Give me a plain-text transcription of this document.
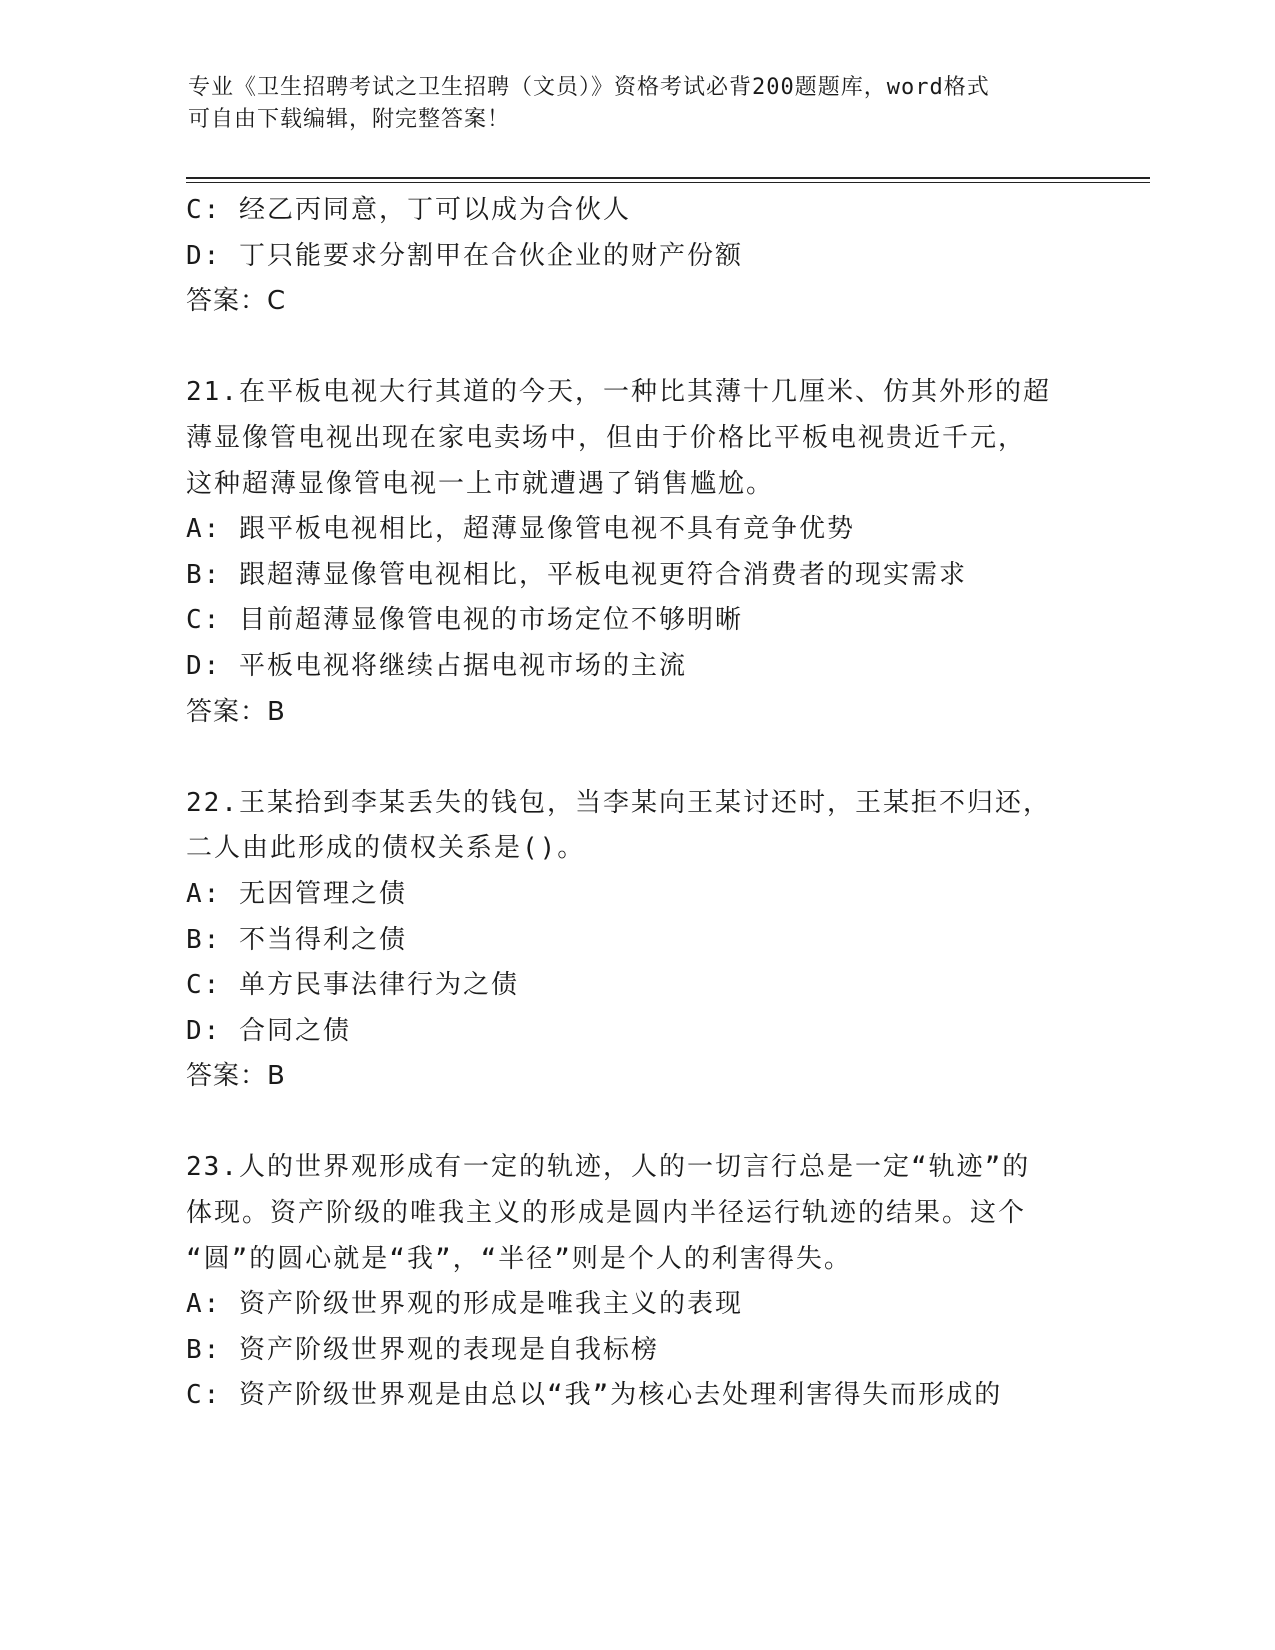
专业《卫生招聘考试之卫生招聘（文员）》资格考试必背200题题库，word格式
可自由下载编辑，附完整答案！

C: 经乙丙同意，丁可以成为合伙人

D: 丁只能要求分割甲在合伙企业的财产份额

答案：C

21.在平板电视大行其道的今天，一种比其薄十几厘米、仿其外形的超

薄显像管电视出现在家电卖场中，但由于价格比平板电视贵近千元，

这种超薄显像管电视一上市就遭遇了销售尴尬。

A: 跟平板电视相比，超薄显像管电视不具有竞争优势

B: 跟超薄显像管电视相比，平板电视更符合消费者的现实需求

C: 目前超薄显像管电视的市场定位不够明晰

D: 平板电视将继续占据电视市场的主流

答案：B

22.王某拾到李某丢失的钱包，当李某向王某讨还时，王某拒不归还，

二人由此形成的债权关系是()。

A: 无因管理之债

B: 不当得利之债

C: 单方民事法律行为之债

D: 合同之债

答案：B

23.人的世界观形成有一定的轨迹，人的一切言行总是一定“轨迹”的

体现。资产阶级的唯我主义的形成是圆内半径运行轨迹的结果。这个

“圆”的圆心就是“我”，“半径”则是个人的利害得失。

A: 资产阶级世界观的形成是唯我主义的表现

B: 资产阶级世界观的表现是自我标榜

C: 资产阶级世界观是由总以“我”为核心去处理利害得失而形成的
